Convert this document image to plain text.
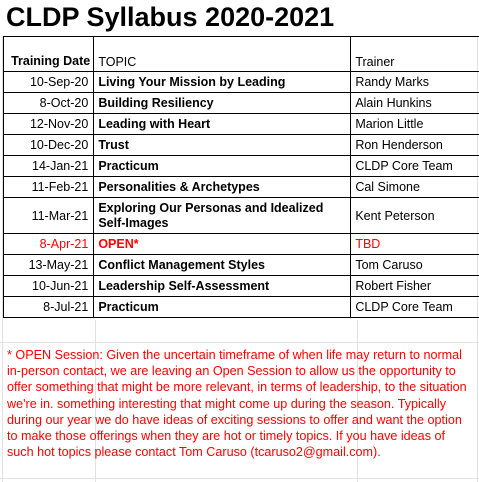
CLDP Syllabus 2020-2021
Training Date	TOPIC	Trainer
10-Sep-20	Living Your Mission by Leading	Randy Marks
8-Oct-20	Building Resiliency	Alain Hunkins
12-Nov-20	Leading with Heart	Marion Little
10-Dec-20	Trust	Ron Henderson
14-Jan-21	Practicum	CLDP Core Team
11-Feb-21	Personalities & Archetypes	Cal Simone
11-Mar-21	Exploring Our Personas and Idealized Self-Images	Kent Peterson
8-Apr-21	OPEN*	TBD
13-May-21	Conflict Management Styles	Tom Caruso
10-Jun-21	Leadership Self-Assessment	Robert Fisher
8-Jul-21	Practicum	CLDP Core Team
* OPEN Session: Given the uncertain timeframe of when life may return to normal in-person contact, we are leaving an Open Session to allow us the opportunity to offer something that might be more relevant, in terms of leadership, to the situation we're in. something interesting that might come up during the season. Typically during our year we do have ideas of exciting sessions to offer and want the option to make those offerings when they are hot or timely topics. If you have ideas of such hot topics please contact Tom Caruso (tcaruso2@gmail.com).
